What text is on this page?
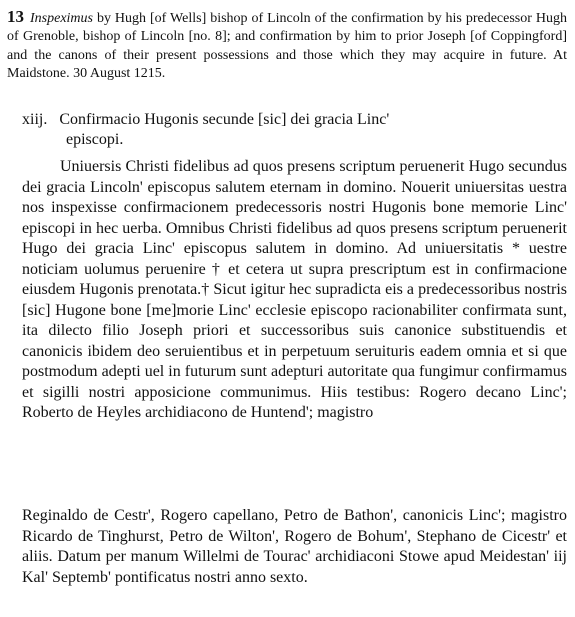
13 Inspeximus by Hugh [of Wells] bishop of Lincoln of the confirmation by his predecessor Hugh of Grenoble, bishop of Lincoln [no. 8]; and confirmation by him to prior Joseph [of Coppingford] and the canons of their present possessions and those which they may acquire in future. At Maidstone. 30 August 1215.

xiij. Confirmacio Hugonis secunde [sic] dei gracia Linc'
episcopi.

Uniuersis Christi fidelibus ad quos presens scriptum peruenerit Hugo secundus dei gracia Lincoln' episcopus salutem eternam in domino. Nouerit uniuersitas uestra nos inspexisse confirmacionem predecessoris nostri Hugonis bone memorie Linc' episcopi in hec uerba. Omnibus Christi fidelibus ad quos presens scriptum peruenerit Hugo dei gracia Linc' episcopus salutem in domino. Ad uniuersitatis * uestre noticiam uolumus peruenire † et cetera ut supra prescriptum est in confirmacione eiusdem Hugonis prenotata.† Sicut igitur hec supradicta eis a predecessoribus nostris [sic] Hugone bone [me]morie Linc' ecclesie episcopo racionabiliter confirmata sunt, ita dilecto filio Joseph priori et successoribus suis canonice substituendis et canonicis ibidem deo seruientibus et in perpetuum seruituris eadem omnia et si que postmodum adepti uel in futurum sunt adepturi autoritate qua fungimur confirmamus et sigilli nostri apposicione communimus. Hiis testibus: Rogero decano Linc'; Roberto de Heyles archidiacono de Huntend'; magistro

Reginaldo de Cestr', Rogero capellano, Petro de Bathon', canonicis Linc'; magistro Ricardo de Tinghurst, Petro de Wilton', Rogero de Bohum', Stephano de Cicestr' et aliis. Datum per manum Willelmi de Tourac' archidiaconi Stowe apud Meidestan' iij Kal' Septemb' pontificatus nostri anno sexto.
